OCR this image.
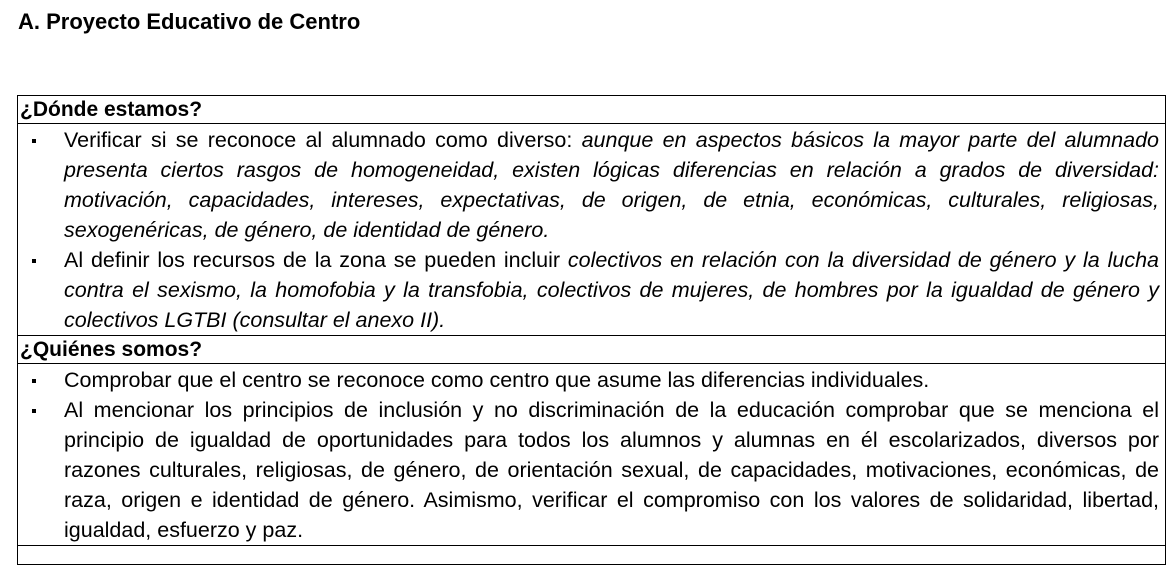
A. Proyecto Educativo de Centro
¿Dónde estamos?
Verificar si se reconoce al alumnado como diverso: aunque en aspectos básicos la mayor parte del alumnado presenta ciertos rasgos de homogeneidad, existen lógicas diferencias en relación a grados de diversidad: motivación, capacidades, intereses, expectativas, de origen, de etnia, económicas, culturales, religiosas, sexogenéricas, de género, de identidad de género.
Al definir los recursos de la zona se pueden incluir colectivos en relación con la diversidad de género y la lucha contra el sexismo, la homofobia y la transfobia, colectivos de mujeres, de hombres por la igualdad de género y colectivos LGTBI (consultar el anexo II).
¿Quiénes somos?
Comprobar que el centro se reconoce como centro que asume las diferencias individuales.
Al mencionar los principios de inclusión y no discriminación de la educación comprobar que se menciona el principio de igualdad de oportunidades para todos los alumnos y alumnas en él escolarizados, diversos por razones culturales, religiosas, de género, de orientación sexual, de capacidades, motivaciones, económicas, de raza, origen e identidad de género. Asimismo, verificar el compromiso con los valores de solidaridad, libertad, igualdad, esfuerzo y paz.
